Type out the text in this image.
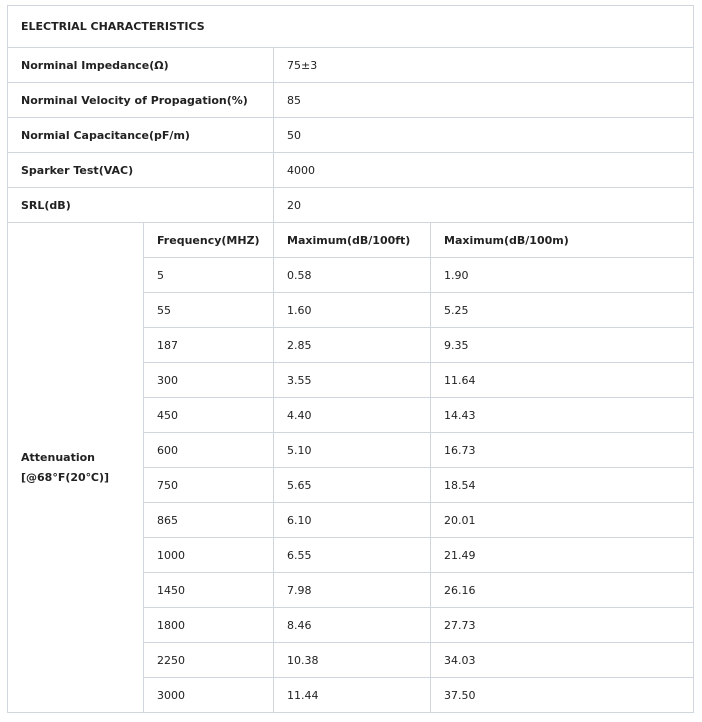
ELECTRIAL CHARACTERISTICS			
Norminal Impedance(Ω)		75±3	
Norminal Velocity of Propagation(%)		85	
Normial Capacitance(pF/m)		50	
Sparker Test(VAC)		4000	
SRL(dB)		20	

Attenuation
[@68°F(20℃)]	Frequency(MHZ)	Maximum(dB/100ft)	Maximum(dB/100m)
	5	0.58	1.90
	55	1.60	5.25
	187	2.85	9.35
	300	3.55	11.64
	450	4.40	14.43
	600	5.10	16.73
	750	5.65	18.54
	865	6.10	20.01
	1000	6.55	21.49
	1450	7.98	26.16
	1800	8.46	27.73
	2250	10.38	34.03
	3000	11.44	37.50
